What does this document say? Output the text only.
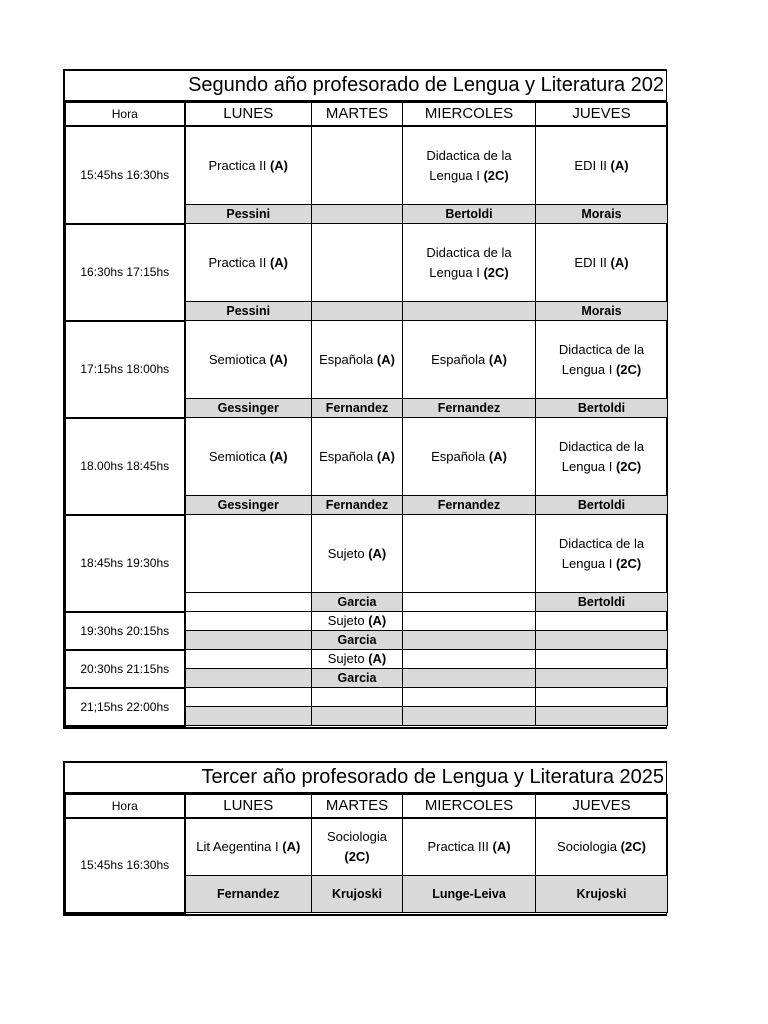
Segundo año profesorado de Lengua y Literatura 202
Hora	LUNES	MARTES	MIERCOLES	JUEVES
15:45hs 16:30hs	Practica II (A)		Didactica de la Lengua I (2C)	EDI II (A)
	Pessini		Bertoldi	Morais
16:30hs 17:15hs	Practica II (A)		Didactica de la Lengua I (2C)	EDI II (A)
	Pessini			Morais
17:15hs 18:00hs	Semiotica (A)	Española (A)	Española (A)	Didactica de la Lengua I (2C)
	Gessinger	Fernandez	Fernandez	Bertoldi
18.00hs 18:45hs	Semiotica (A)	Española (A)	Española (A)	Didactica de la Lengua I (2C)
	Gessinger	Fernandez	Fernandez	Bertoldi
18:45hs 19:30hs		Sujeto (A)		Didactica de la Lengua I (2C)
		Garcia		Bertoldi
19:30hs 20:15hs		Sujeto (A)		
		Garcia		
20:30hs 21:15hs		Sujeto (A)		
		Garcia		
21;15hs 22:00hs				

Tercer año profesorado de Lengua y Literatura 2025
Hora	LUNES	MARTES	MIERCOLES	JUEVES
15:45hs 16:30hs	Lit Aegentina I (A)	Sociologia (2C)	Practica III (A)	Sociologia (2C)
	Fernandez	Krujoski	Lunge-Leiva	Krujoski
